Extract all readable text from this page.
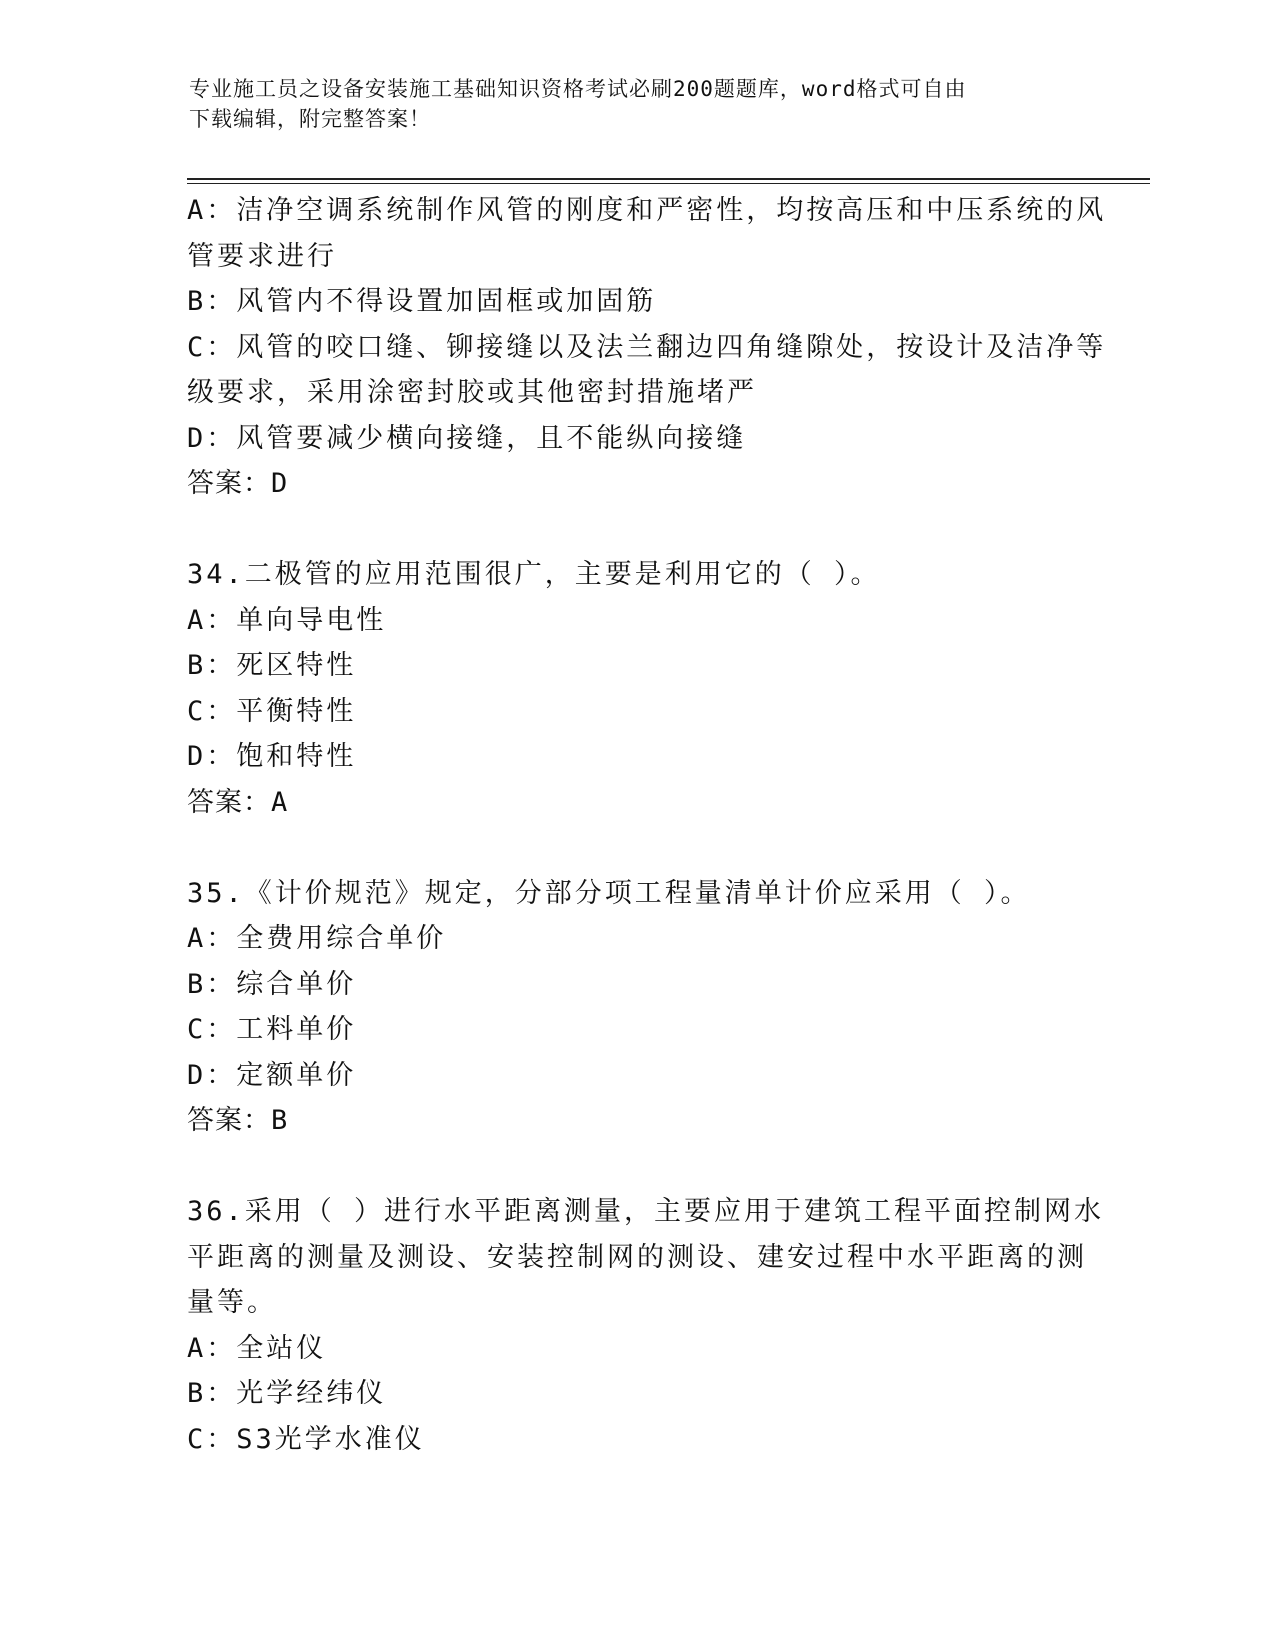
专业施工员之设备安装施工基础知识资格考试必刷200题题库，word格式可自由
下载编辑，附完整答案！
A：洁净空调系统制作风管的刚度和严密性，均按高压和中压系统的风
管要求进行
B：风管内不得设置加固框或加固筋
C：风管的咬口缝、铆接缝以及法兰翻边四角缝隙处，按设计及洁净等
级要求，采用涂密封胶或其他密封措施堵严
D：风管要减少横向接缝，且不能纵向接缝
答案：D
34.二极管的应用范围很广，主要是利用它的（ ）。
A：单向导电性
B：死区特性
C：平衡特性
D：饱和特性
答案：A
35.《计价规范》规定，分部分项工程量清单计价应采用（ ）。
A：全费用综合单价
B：综合单价
C：工料单价
D：定额单价
答案：B
36.采用（ ）进行水平距离测量，主要应用于建筑工程平面控制网水
平距离的测量及测设、安装控制网的测设、建安过程中水平距离的测
量等。
A：全站仪
B：光学经纬仪
C：S3光学水准仪
